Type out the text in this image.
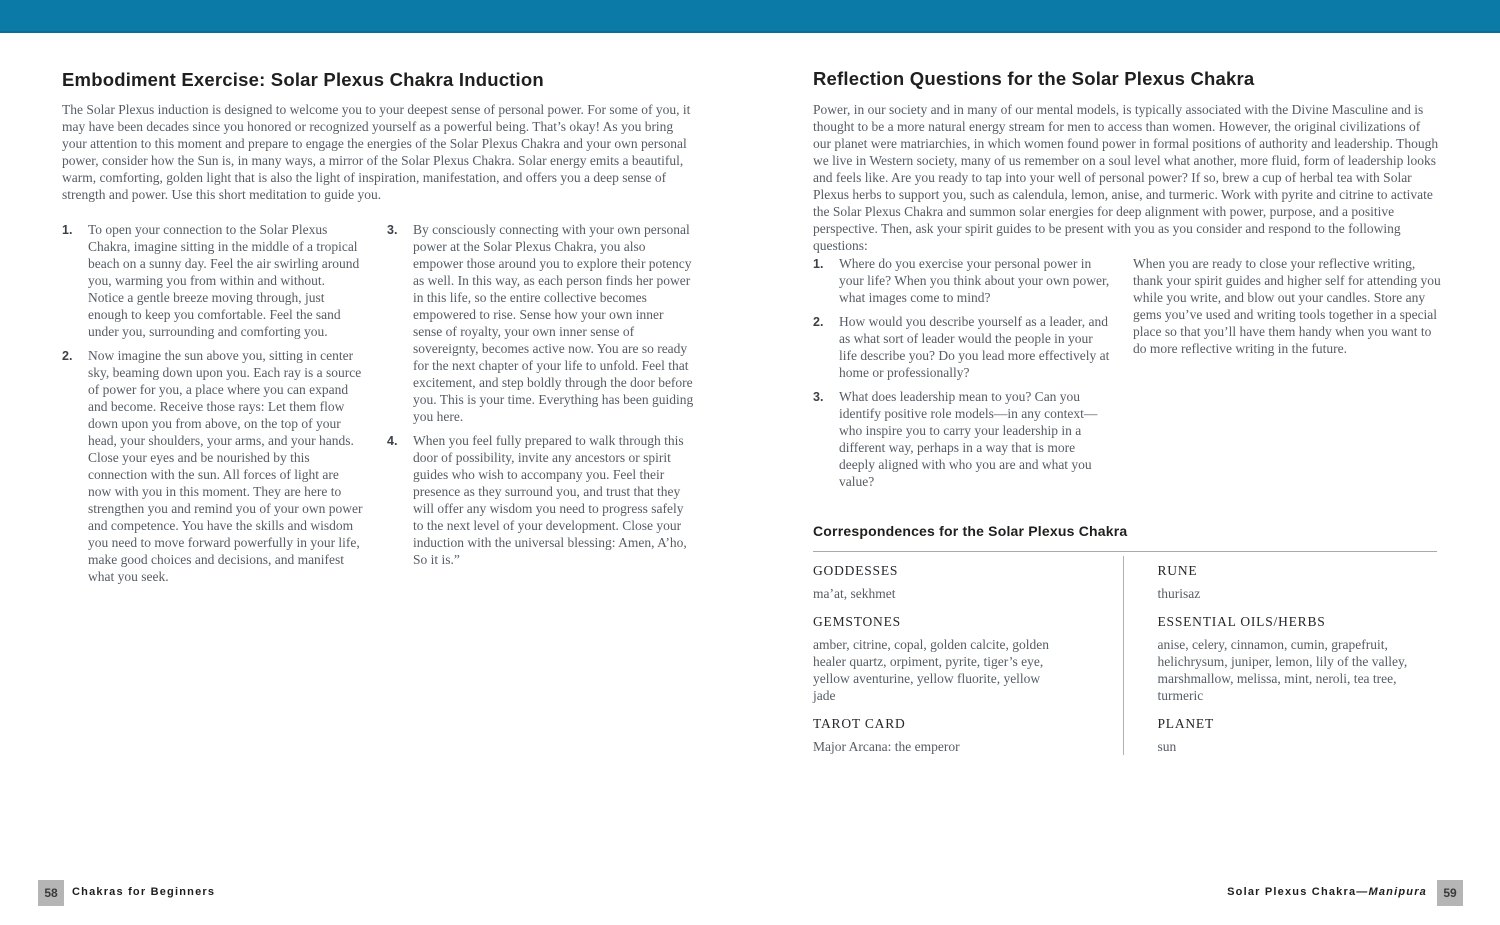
Embodiment Exercise: Solar Plexus Chakra Induction

The Solar Plexus induction is designed to welcome you to your deepest sense of personal power. For some of you, it may have been decades since you honored or recognized yourself as a powerful being. That’s okay! As you bring your attention to this moment and prepare to engage the energies of the Solar Plexus Chakra and your own personal power, consider how the Sun is, in many ways, a mirror of the Solar Plexus Chakra. Solar energy emits a beautiful, warm, comforting, golden light that is also the light of inspiration, manifestation, and offers you a deep sense of strength and power. Use this short meditation to guide you.

1.	To open your connection to the Solar Plexus Chakra, imagine sitting in the middle of a tropical beach on a sunny day. Feel the air swirling around you, warming you from within and without. Notice a gentle breeze moving through, just enough to keep you comfortable. Feel the sand under you, surrounding and comforting you.
2.	Now imagine the sun above you, sitting in center sky, beaming down upon you. Each ray is a source of power for you, a place where you can expand and become. Receive those rays: Let them flow down upon you from above, on the top of your head, your shoulders, your arms, and your hands. Close your eyes and be nourished by this connection with the sun. All forces of light are now with you in this moment. They are here to strengthen you and remind you of your own power and competence. You have the skills and wisdom you need to move forward powerfully in your life, make good choices and decisions, and manifest what you seek.
3.	By consciously connecting with your own personal power at the Solar Plexus Chakra, you also empower those around you to explore their potency as well. In this way, as each person finds her power in this life, so the entire collective becomes empowered to rise. Sense how your own inner sense of royalty, your own inner sense of sovereignty, becomes active now. You are so ready for the next chapter of your life to unfold. Feel that excitement, and step boldly through the door before you. This is your time. Everything has been guiding you here.
4.	When you feel fully prepared to walk through this door of possibility, invite any ancestors or spirit guides who wish to accompany you. Feel their presence as they surround you, and trust that they will offer any wisdom you need to progress safely to the next level of your development. Close your induction with the universal blessing: Amen, A’ho, So it is.”
Reflection Questions for the Solar Plexus Chakra

Power, in our society and in many of our mental models, is typically associated with the Divine Masculine and is thought to be a more natural energy stream for men to access than women. However, the original civilizations of our planet were matriarchies, in which women found power in formal positions of authority and leadership. Though we live in Western society, many of us remember on a soul level what another, more fluid, form of leadership looks and feels like. Are you ready to tap into your well of personal power? If so, brew a cup of herbal tea with Solar Plexus herbs to support you, such as calendula, lemon, anise, and turmeric. Work with pyrite and citrine to activate the Solar Plexus Chakra and summon solar energies for deep alignment with power, purpose, and a positive perspective. Then, ask your spirit guides to be present with you as you consider and respond to the following questions:

1.	Where do you exercise your personal power in your life? When you think about your own power, what images come to mind?
2.	How would you describe yourself as a leader, and as what sort of leader would the people in your life describe you? Do you lead more effectively at home or professionally?
3.	What does leadership mean to you? Can you identify positive role models—in any context—who inspire you to carry your leadership in a different way, perhaps in a way that is more deeply aligned with who you are and what you value?

When you are ready to close your reflective writing, thank your spirit guides and higher self for attending you while you write, and blow out your candles. Store any gems you’ve used and writing tools together in a special place so that you’ll have them handy when you want to do more reflective writing in the future.

Correspondences for the Solar Plexus Chakra
GODDESSES
ma’at, sekhmet
GEMSTONES
amber, citrine, copal, golden calcite, golden healer quartz, orpiment, pyrite, tiger’s eye, yellow aventurine, yellow fluorite, yellow jade
TAROT CARD
Major Arcana: the emperor
RUNE
thurisaz
ESSENTIAL OILS/HERBS
anise, celery, cinnamon, cumin, grapefruit, helichrysum, juniper, lemon, lily of the valley, marshmallow, melissa, mint, neroli, tea tree, turmeric
PLANET
sun
58	Chakras for Beginners	Solar Plexus Chakra—Manipura	59
